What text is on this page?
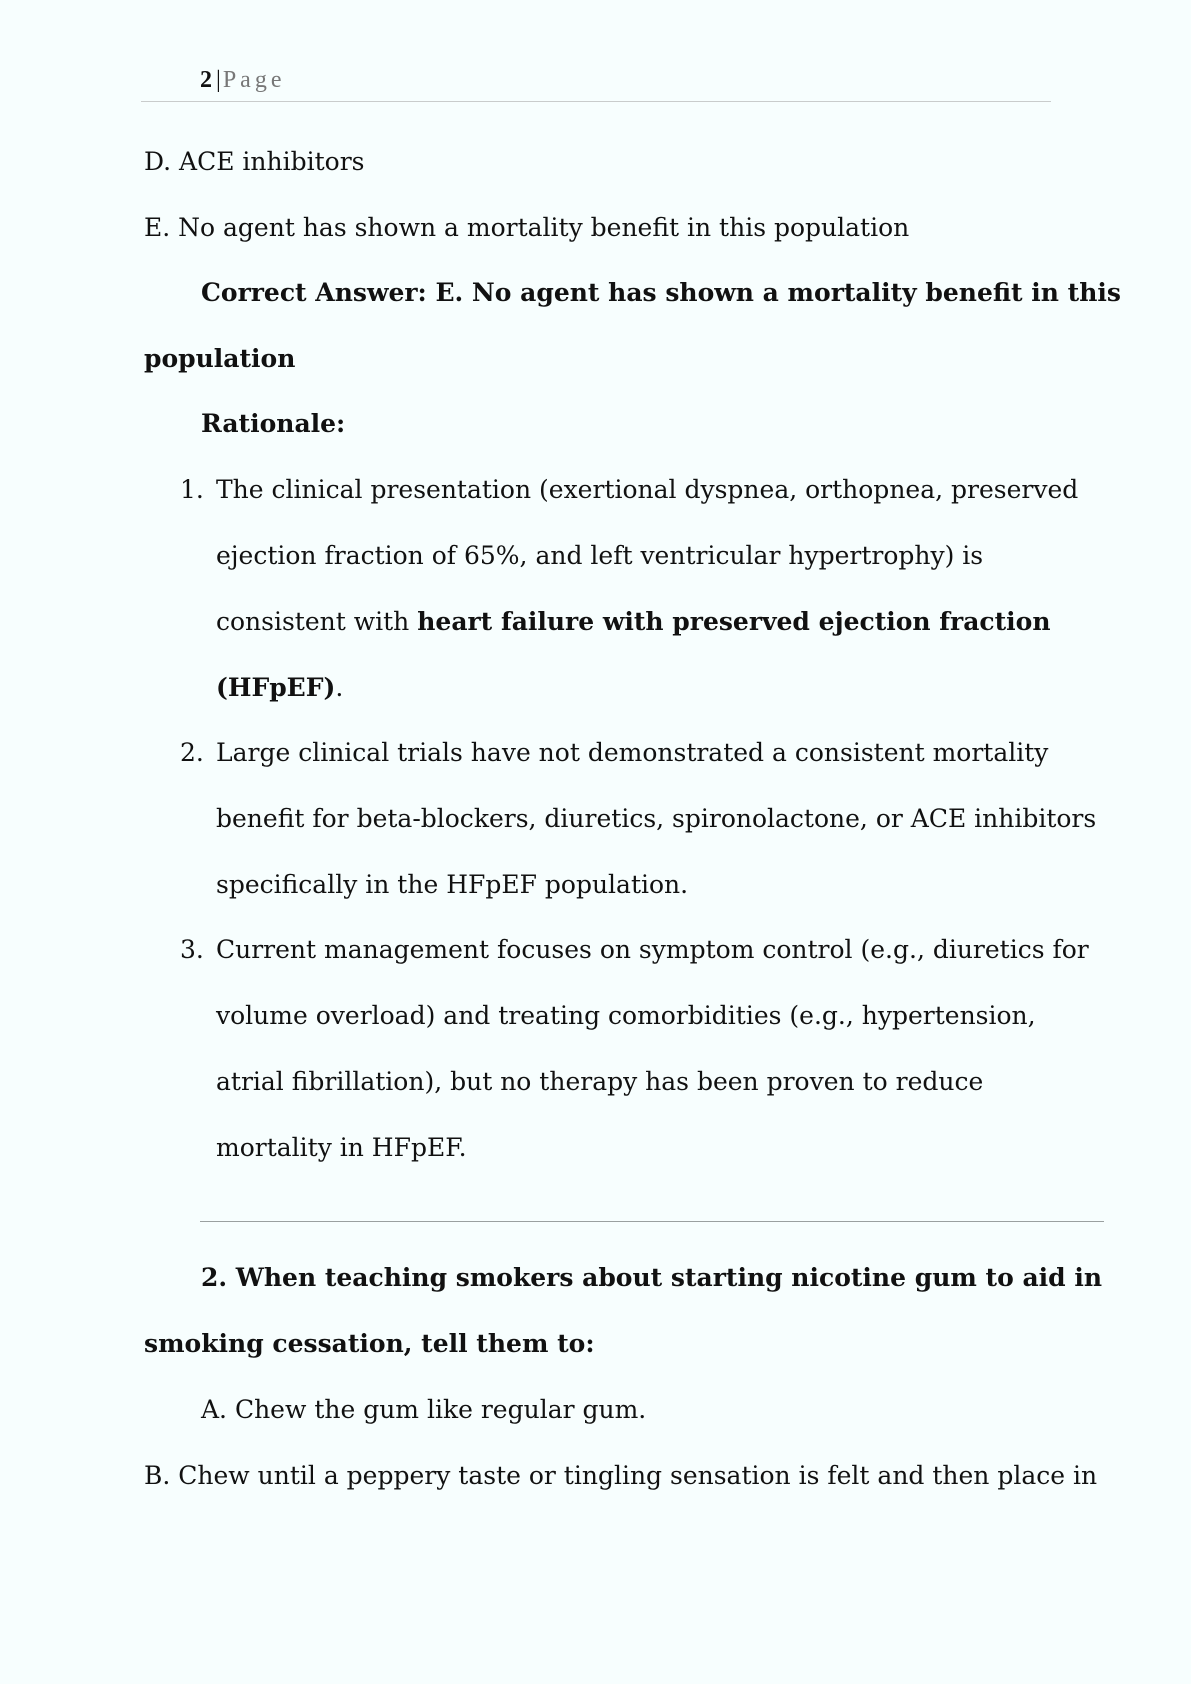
2 |Page
D. ACE inhibitors
E. No agent has shown a mortality benefit in this population
Correct Answer: E. No agent has shown a mortality benefit in this
population
Rationale:
1. The clinical presentation (exertional dyspnea, orthopnea, preserved
ejection fraction of 65%, and left ventricular hypertrophy) is
consistent with heart failure with preserved ejection fraction
(HFpEF).
2. Large clinical trials have not demonstrated a consistent mortality
benefit for beta-blockers, diuretics, spironolactone, or ACE inhibitors
specifically in the HFpEF population.
3. Current management focuses on symptom control (e.g., diuretics for
volume overload) and treating comorbidities (e.g., hypertension,
atrial fibrillation), but no therapy has been proven to reduce
mortality in HFpEF.
2. When teaching smokers about starting nicotine gum to aid in
smoking cessation, tell them to:
A. Chew the gum like regular gum.
B. Chew until a peppery taste or tingling sensation is felt and then place in
